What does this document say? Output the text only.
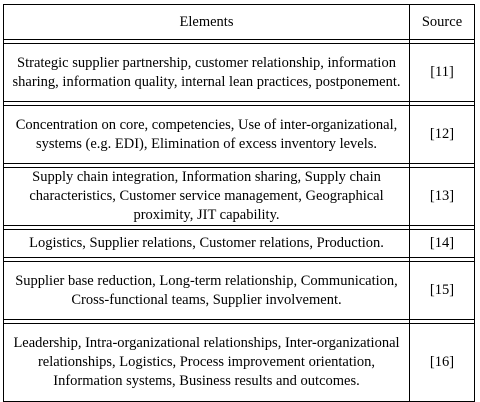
Elements	Source

Strategic supplier partnership, customer relationship, information sharing, information quality, internal lean practices, postponement.	[11]

Concentration on core, competencies, Use of inter-organizational, systems (e.g. EDI), Elimination of excess inventory levels.	[12]

Supply chain integration, Information sharing, Supply chain characteristics, Customer service management, Geographical proximity, JIT capability.	[13]

Logistics, Supplier relations, Customer relations, Production.	[14]

Supplier base reduction, Long-term relationship, Communication, Cross-functional teams, Supplier involvement.	[15]

Leadership, Intra-organizational relationships, Inter-organizational relationships, Logistics, Process improvement orientation, Information systems, Business results and outcomes.	[16]
